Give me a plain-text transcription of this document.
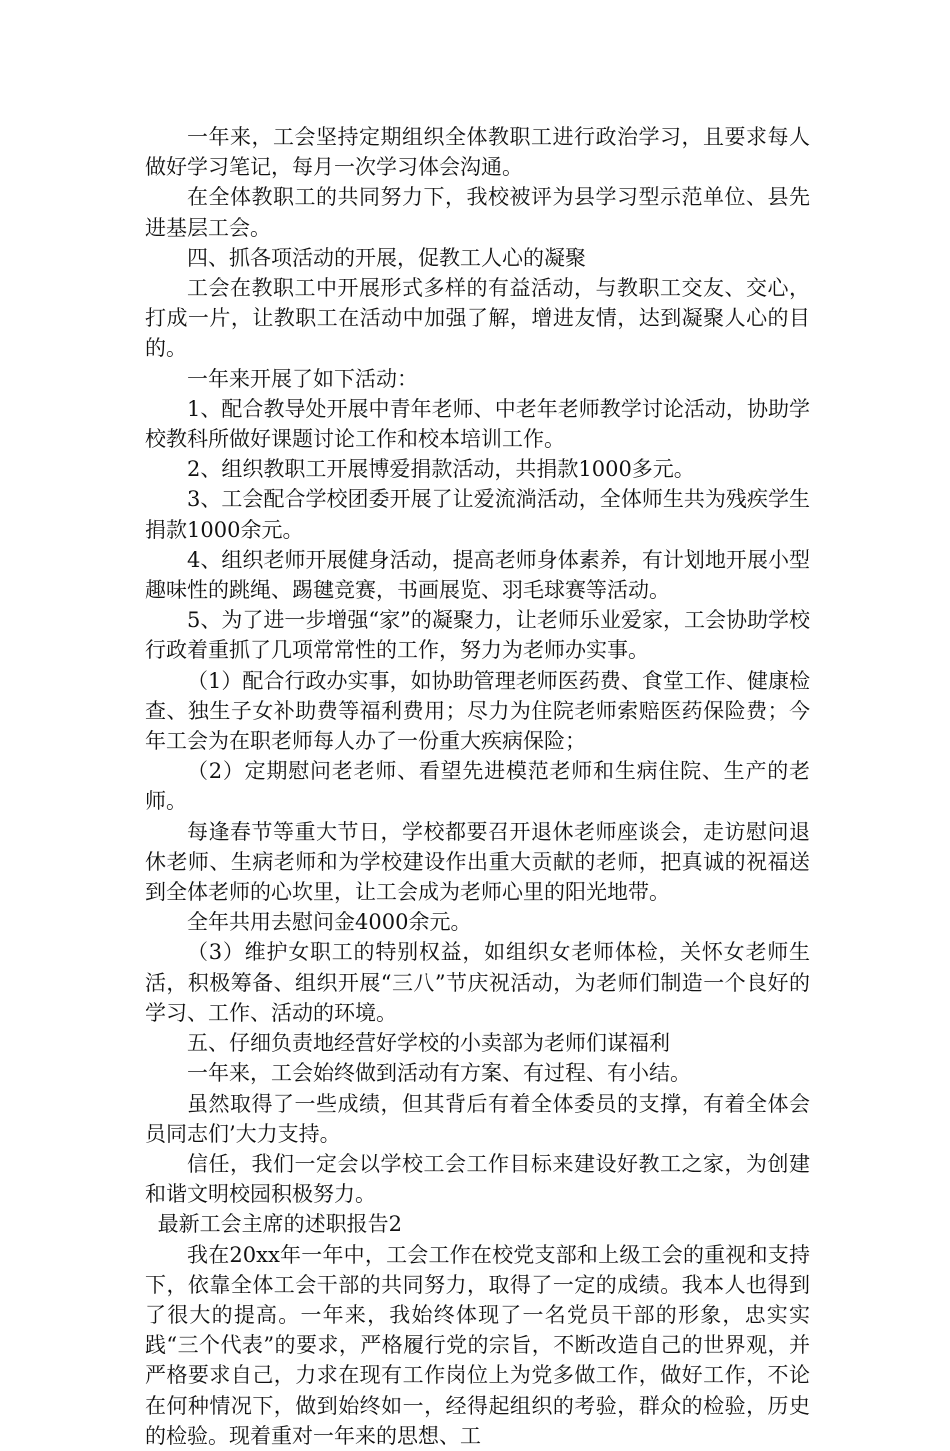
一年来，工会坚持定期组织全体教职工进行政治学习，且要求每人做好学习笔记，每月一次学习体会沟通。

在全体教职工的共同努力下，我校被评为县学习型示范单位、县先进基层工会。

四、抓各项活动的开展，促教工人心的凝聚

工会在教职工中开展形式多样的有益活动，与教职工交友、交心，打成一片，让教职工在活动中加强了解，增进友情，达到凝聚人心的目的。

一年来开展了如下活动：

1、配合教导处开展中青年老师、中老年老师教学讨论活动，协助学校教科所做好课题讨论工作和校本培训工作。

2、组织教职工开展博爱捐款活动，共捐款1000多元。

3、工会配合学校团委开展了让爱流淌活动，全体师生共为残疾学生捐款1000余元。

4、组织老师开展健身活动，提高老师身体素养，有计划地开展小型趣味性的跳绳、踢毽竞赛，书画展览、羽毛球赛等活动。

5、为了进一步增强“家”的凝聚力，让老师乐业爱家，工会协助学校行政着重抓了几项常常性的工作，努力为老师办实事。

（1）配合行政办实事，如协助管理老师医药费、食堂工作、健康检查、独生子女补助费等福利费用；尽力为住院老师索赔医药保险费；今年工会为在职老师每人办了一份重大疾病保险；

（2）定期慰问老老师、看望先进模范老师和生病住院、生产的老师。

每逢春节等重大节日，学校都要召开退休老师座谈会，走访慰问退休老师、生病老师和为学校建设作出重大贡献的老师，把真诚的祝福送到全体老师的心坎里，让工会成为老师心里的阳光地带。

全年共用去慰问金4000余元。

（3）维护女职工的特别权益，如组织女老师体检，关怀女老师生活，积极筹备、组织开展“三八”节庆祝活动，为老师们制造一个良好的学习、工作、活动的环境。

五、仔细负责地经营好学校的小卖部为老师们谋福利

一年来，工会始终做到活动有方案、有过程、有小结。

虽然取得了一些成绩，但其背后有着全体委员的支撑，有着全体会员同志们’大力支持。

信任，我们一定会以学校工会工作目标来建设好教工之家，为创建和谐文明校园积极努力。

最新工会主席的述职报告2

我在20xx年一年中，工会工作在校党支部和上级工会的重视和支持下，依靠全体工会干部的共同努力，取得了一定的成绩。我本人也得到了很大的提高。一年来，我始终体现了一名党员干部的形象，忠实实践“三个代表”的要求，严格履行党的宗旨，不断改造自己的世界观，并严格要求自己，力求在现有工作岗位上为党多做工作，做好工作，不论在何种情况下，做到始终如一，经得起组织的考验，群众的检验，历史的检验。现着重对一年来的思想、工
